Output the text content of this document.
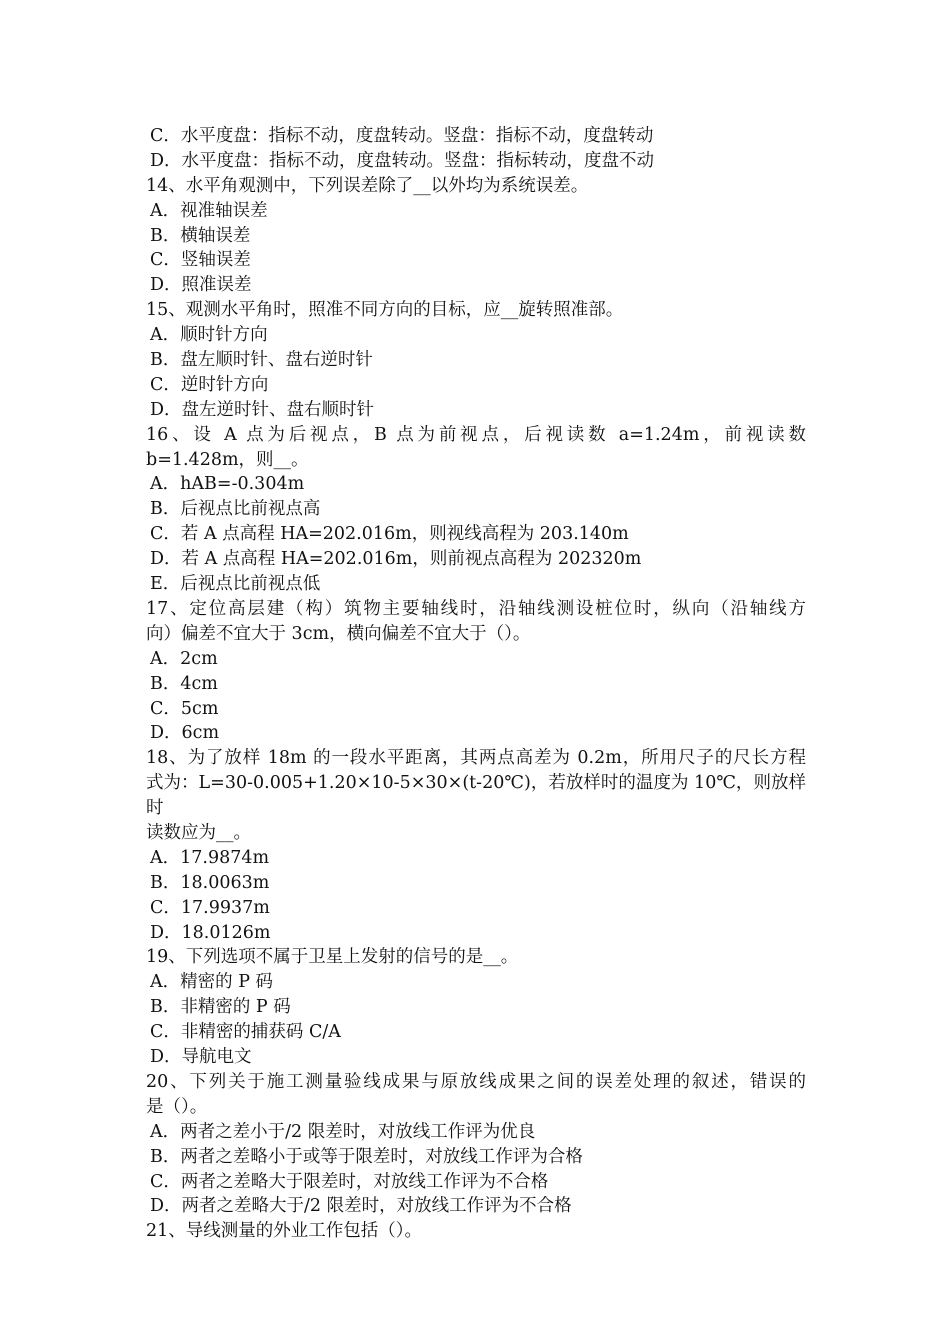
C．水平度盘：指标不动，度盘转动。竖盘：指标不动，度盘转动
D．水平度盘：指标不动，度盘转动。竖盘：指标转动，度盘不动
14、水平角观测中，下列误差除了__以外均为系统误差。
A．视准轴误差
B．横轴误差
C．竖轴误差
D．照准误差
15、观测水平角时，照准不同方向的目标，应__旋转照准部。
A．顺时针方向
B．盘左顺时针、盘右逆时针
C．逆时针方向
D．盘左逆时针、盘右顺时针
16、设 A 点为后视点，B 点为前视点，后视读数 a=1.24m，前视读数
b=1.428m，则__。
A．hAB=-0.304m
B．后视点比前视点高
C．若 A 点高程 HA=202.016m，则视线高程为 203.140m
D．若 A 点高程 HA=202.016m，则前视点高程为 202320m
E．后视点比前视点低
17、定位高层建（构）筑物主要轴线时，沿轴线测设桩位时，纵向（沿轴线方
向）偏差不宜大于 3cm，横向偏差不宜大于（）。
A．2cm
B．4cm
C．5cm
D．6cm
18、为了放样 18m 的一段水平距离，其两点高差为 0.2m，所用尺子的尺长方程
式为：L=30-0.005+1.20×10-5×30×(t-20℃)，若放样时的温度为 10℃，则放样时
读数应为__。
A．17.9874m
B．18.0063m
C．17.9937m
D．18.0126m
19、下列选项不属于卫星上发射的信号的是__。
A．精密的 P 码
B．非精密的 P 码
C．非精密的捕获码 C/A
D．导航电文
20、下列关于施工测量验线成果与原放线成果之间的误差处理的叙述，错误的
是（）。
A．两者之差小于/2 限差时，对放线工作评为优良
B．两者之差略小于或等于限差时，对放线工作评为合格
C．两者之差略大于限差时，对放线工作评为不合格
D．两者之差略大于/2 限差时，对放线工作评为不合格
21、导线测量的外业工作包括（）。
